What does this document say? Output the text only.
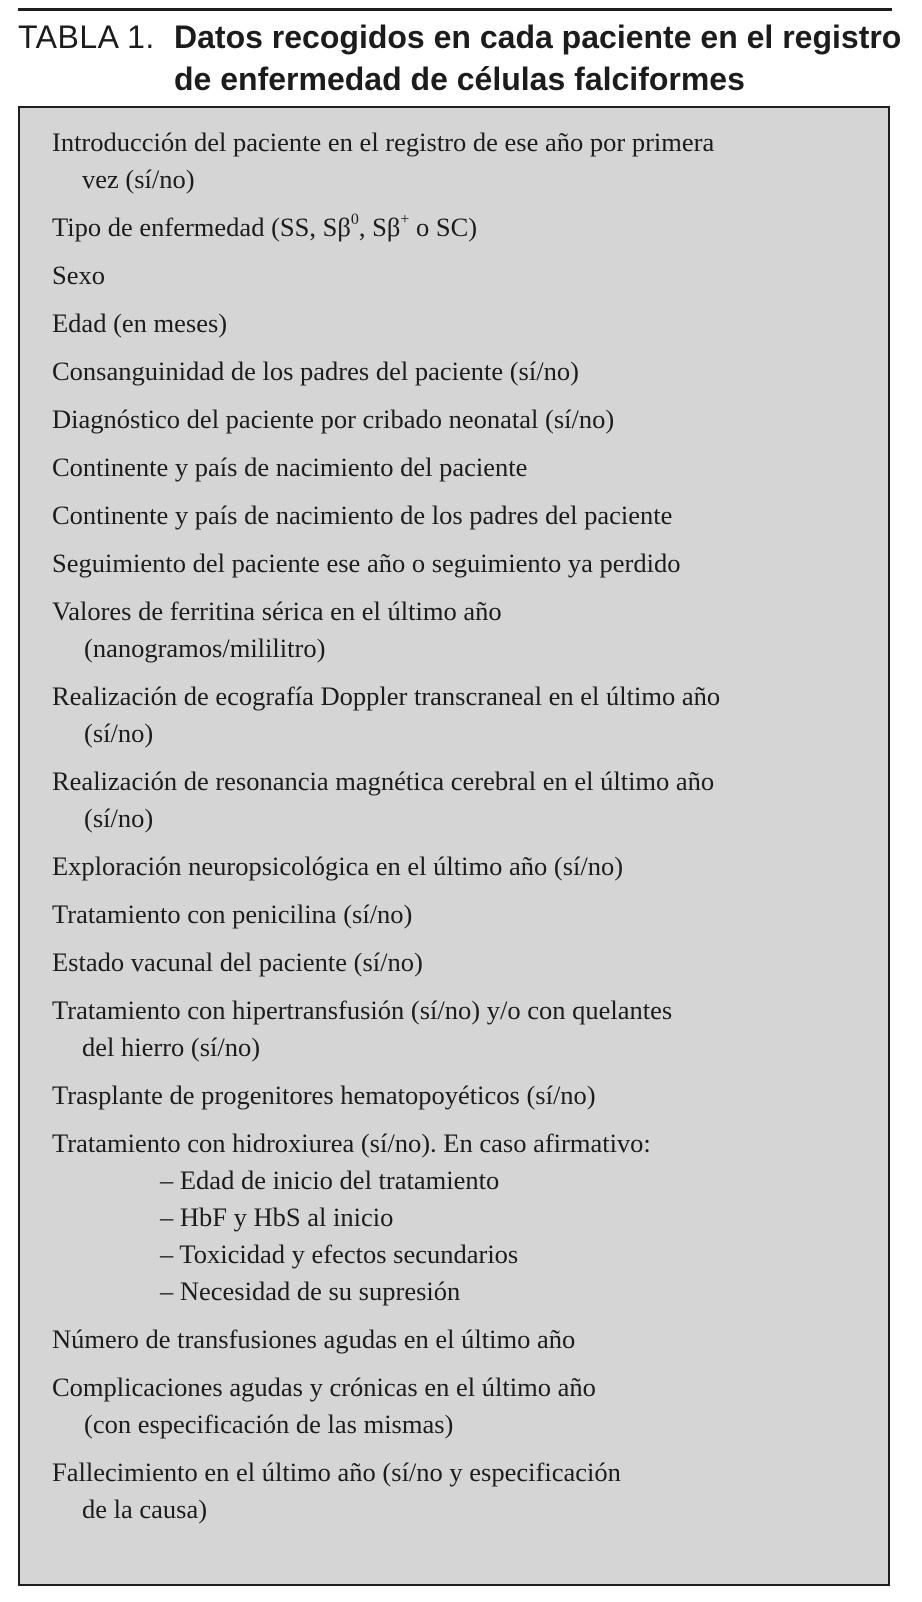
TABLA 1. Datos recogidos en cada paciente en el registro
de enfermedad de células falciformes
Introducción del paciente en el registro de ese año por primera
vez (sí/no)
Tipo de enfermedad (SS, $S\beta^0$, Sβ+ o SC)
Sexo
Edad (en meses)
Consanguinidad de los padres del paciente (sí/no)
Diagnóstico del paciente por cribado neonatal (sí/no)
Continente y país de nacimiento del paciente
Continente y país de nacimiento de los padres del paciente
Seguimiento del paciente ese año o seguimiento ya perdido
Valores de ferritina sérica en el último año
(nanogramos/mililitro)
Realización de ecografía Doppler transcraneal en el último año
(sí/no)
Realización de resonancia magnética cerebral en el último año
(sí/no)
Exploración neuropsicológica en el último año (sí/no)
Tratamiento con penicilina (sí/no)
Estado vacunal del paciente (sí/no)
Tratamiento con hipertransfusión (sí/no) y/o con quelantes
del hierro (sí/no)
Trasplante de progenitores hematopoyéticos (sí/no)
Tratamiento con hidroxiurea (sí/no). En caso afirmativo:
– Edad de inicio del tratamiento
– HbF y HbS al inicio
– Toxicidad y efectos secundarios
– Necesidad de su supresión
Número de transfusiones agudas en el último año
Complicaciones agudas y crónicas en el último año
(con especificación de las mismas)
Fallecimiento en el último año (sí/no y especificación
de la causa)
